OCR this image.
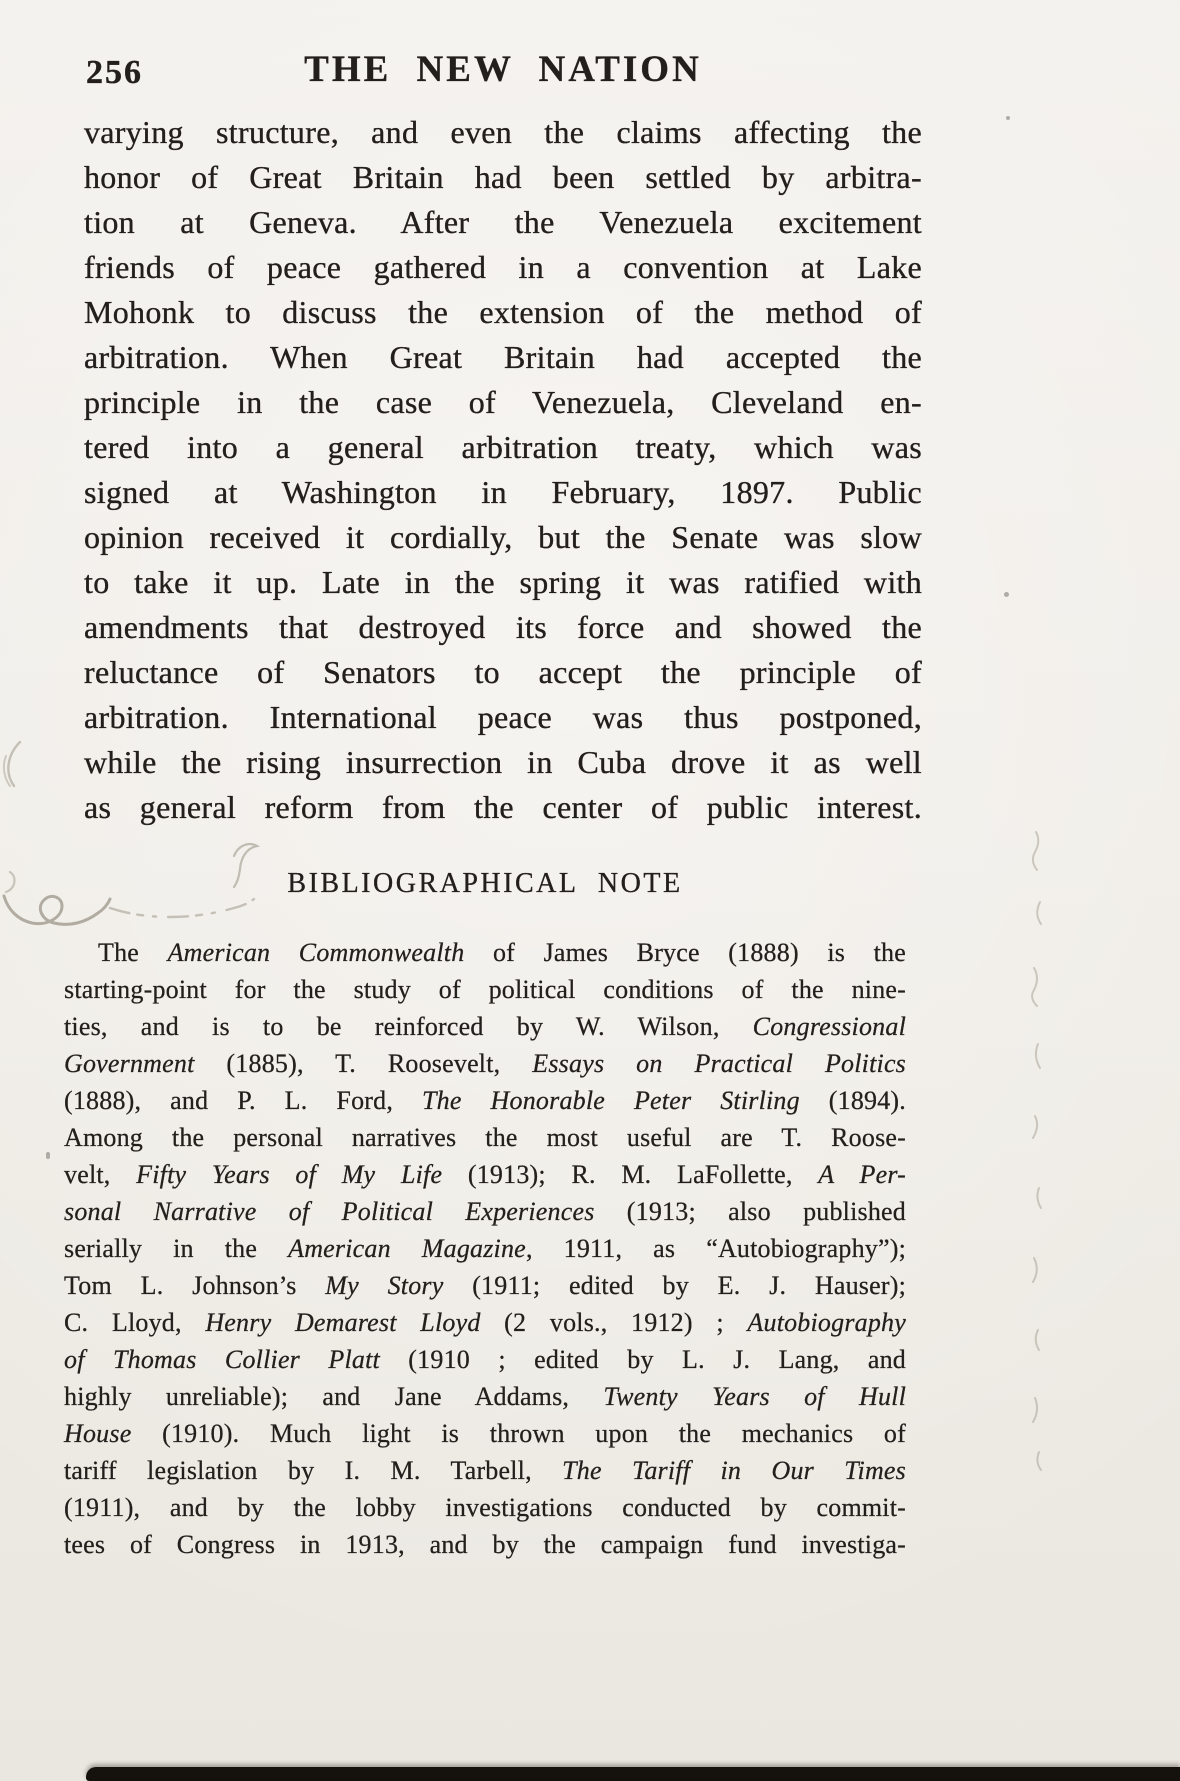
256	THE NEW NATION
varying structure, and even the claims affecting the
honor of Great Britain had been settled by arbitra-
tion at Geneva. After the Venezuela excitement
friends of peace gathered in a convention at Lake
Mohonk to discuss the extension of the method of
arbitration. When Great Britain had accepted the
principle in the case of Venezuela, Cleveland en-
tered into a general arbitration treaty, which was
signed at Washington in February, 1897. Public
opinion received it cordially, but the Senate was slow
to take it up. Late in the spring it was ratified with
amendments that destroyed its force and showed the
reluctance of Senators to accept the principle of
arbitration. International peace was thus postponed,
while the rising insurrection in Cuba drove it as well
as general reform from the center of public interest.
BIBLIOGRAPHICAL NOTE
The American Commonwealth of James Bryce (1888) is the
starting-point for the study of political conditions of the nine-
ties, and is to be reinforced by W. Wilson, Congressional
Government (1885), T. Roosevelt, Essays on Practical Politics
(1888), and P. L. Ford, The Honorable Peter Stirling (1894).
Among the personal narratives the most useful are T. Roose-
velt, Fifty Years of My Life (1913); R. M. LaFollette, A Per-
sonal Narrative of Political Experiences (1913; also published
serially in the American Magazine, 1911, as “Autobiography”);
Tom L. Johnson’s My Story (1911; edited by E. J. Hauser);
C. Lloyd, Henry Demarest Lloyd (2 vols., 1912) ; Autobiography
of Thomas Collier Platt (1910 ; edited by L. J. Lang, and
highly unreliable); and Jane Addams, Twenty Years of Hull
House (1910). Much light is thrown upon the mechanics of
tariff legislation by I. M. Tarbell, The Tariff in Our Times
(1911), and by the lobby investigations conducted by commit-
tees of Congress in 1913, and by the campaign fund investiga-
